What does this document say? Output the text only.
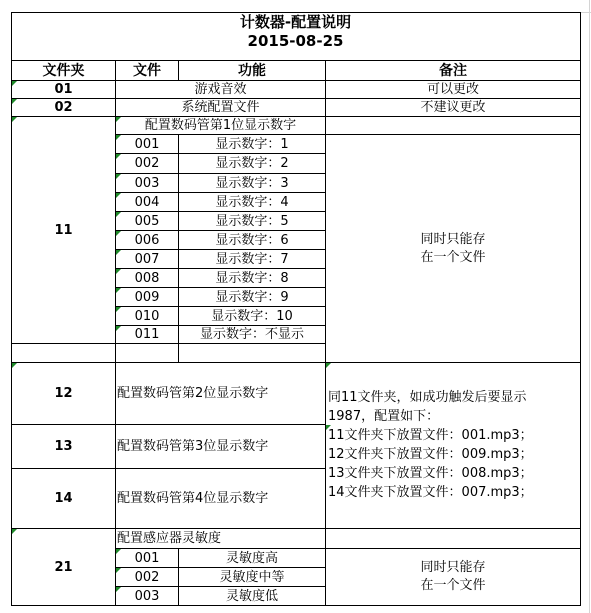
计数器-配置说明
2015-08-25
文件夹	文件	功能	备注
01	游戏音效	可以更改
02	系统配置文件	不建议更改
11
配置数码管第1位显示数字
001	显示数字：1
002	显示数字：2
003	显示数字：3
004	显示数字：4
005	显示数字：5
006	显示数字：6
007	显示数字：7
008	显示数字：8
009	显示数字：9
010	显示数字：10
011	显示数字：不显示
同时只能存
在一个文件
12	配置数码管第2位显示数字
13	配置数码管第3位显示数字
14	配置数码管第4位显示数字
同11文件夹，如成功触发后要显示
1987，配置如下：
11文件夹下放置文件：001.mp3；
12文件夹下放置文件：009.mp3；
13文件夹下放置文件：008.mp3；
14文件夹下放置文件：007.mp3；
21
配置感应器灵敏度
001	灵敏度高
002	灵敏度中等
003	灵敏度低
同时只能存
在一个文件
